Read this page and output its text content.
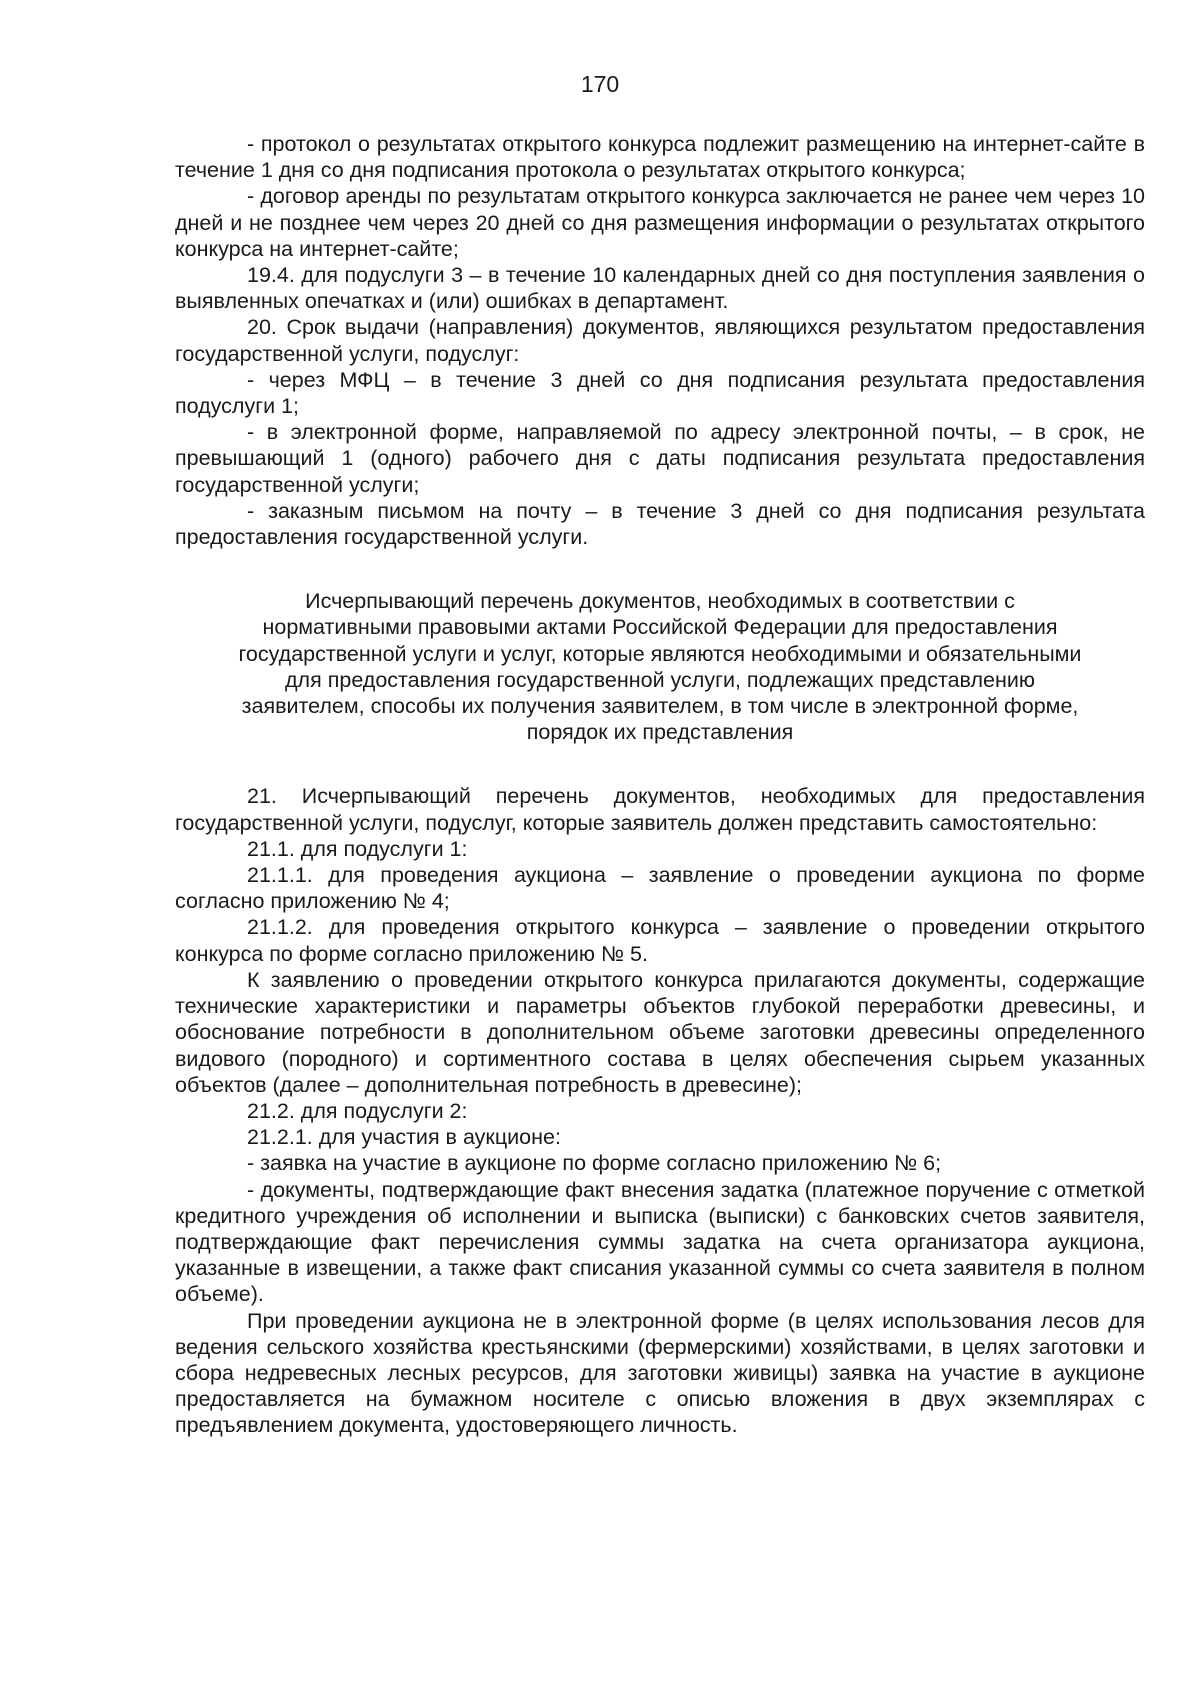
170

- протокол о результатах открытого конкурса подлежит размещению на интернет-сайте в течение 1 дня со дня подписания протокола о результатах открытого конкурса;

- договор аренды по результатам открытого конкурса заключается не ранее чем через 10 дней и не позднее чем через 20 дней со дня размещения информации о результатах открытого конкурса на интернет-сайте;

19.4. для подуслуги 3 – в течение 10 календарных дней со дня поступления заявления о выявленных опечатках и (или) ошибках в департамент.

20. Срок выдачи (направления) документов, являющихся результатом предоставления государственной услуги, подуслуг:

- через МФЦ – в течение 3 дней со дня подписания результата предоставления подуслуги 1;

- в электронной форме, направляемой по адресу электронной почты, – в срок, не превышающий 1 (одного) рабочего дня с даты подписания результата предоставления государственной услуги;

- заказным письмом на почту – в течение 3 дней со дня подписания результата предоставления государственной услуги.

Исчерпывающий перечень документов, необходимых в соответствии с
нормативными правовыми актами Российской Федерации для предоставления
государственной услуги и услуг, которые являются необходимыми и обязательными
для предоставления государственной услуги, подлежащих представлению
заявителем, способы их получения заявителем, в том числе в электронной форме,
порядок их представления

21. Исчерпывающий перечень документов, необходимых для предоставления государственной услуги, подуслуг, которые заявитель должен представить самостоятельно:

21.1. для подуслуги 1:

21.1.1. для проведения аукциона – заявление о проведении аукциона по форме согласно приложению № 4;

21.1.2. для проведения открытого конкурса – заявление о проведении открытого конкурса по форме согласно приложению № 5.

К заявлению о проведении открытого конкурса прилагаются документы, содержащие технические характеристики и параметры объектов глубокой переработки древесины, и обоснование потребности в дополнительном объеме заготовки древесины определенного видового (породного) и сортиментного состава в целях обеспечения сырьем указанных объектов (далее – дополнительная потребность в древесине);

21.2. для подуслуги 2:

21.2.1. для участия в аукционе:

- заявка на участие в аукционе по форме согласно приложению № 6;

- документы, подтверждающие факт внесения задатка (платежное поручение с отметкой кредитного учреждения об исполнении и выписка (выписки) с банковских счетов заявителя, подтверждающие факт перечисления суммы задатка на счета организатора аукциона, указанные в извещении, а также факт списания указанной суммы со счета заявителя в полном объеме).

При проведении аукциона не в электронной форме (в целях использования лесов для ведения сельского хозяйства крестьянскими (фермерскими) хозяйствами, в целях заготовки и сбора недревесных лесных ресурсов, для заготовки живицы) заявка на участие в аукционе предоставляется на бумажном носителе с описью вложения в двух экземплярах с предъявлением документа, удостоверяющего личность.
